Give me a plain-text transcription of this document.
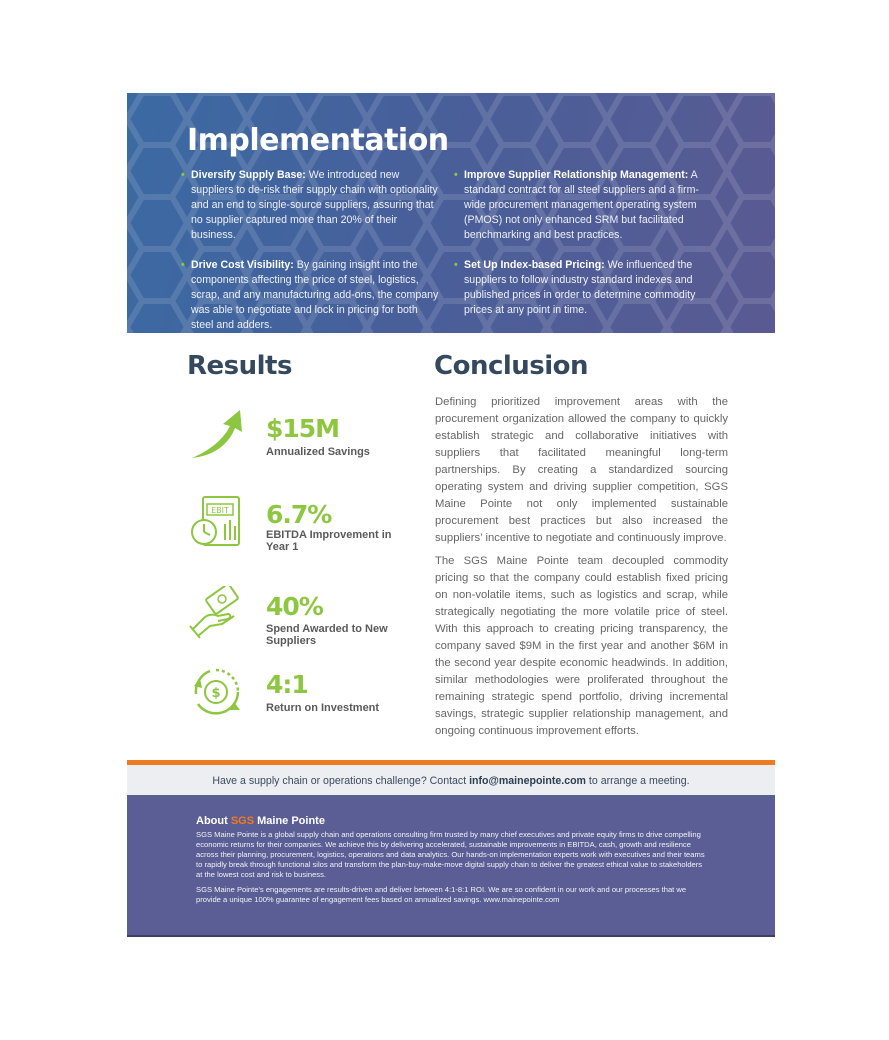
Implementation
• Diversify Supply Base: We introduced new suppliers to de-risk their supply chain with optionality and an end to single-source suppliers, assuring that no supplier captured more than 20% of their business.
• Drive Cost Visibility: By gaining insight into the components affecting the price of steel, logistics, scrap, and any manufacturing add-ons, the company was able to negotiate and lock in pricing for both steel and adders.
• Improve Supplier Relationship Management: A standard contract for all steel suppliers and a firm-wide procurement management operating system (PMOS) not only enhanced SRM but facilitated benchmarking and best practices.
• Set Up Index-based Pricing: We influenced the suppliers to follow industry standard indexes and published prices in order to determine commodity prices at any point in time.
Results
$15M
Annualized Savings
EBIT 6.7%
EBITDA Improvement in Year 1
40%
Spend Awarded to New Suppliers
$ 4:1
Return on Investment
Conclusion

Defining prioritized improvement areas with the procurement organization allowed the company to quickly establish strategic and collaborative initiatives with suppliers that facilitated meaningful long-term partnerships. By creating a standardized sourcing operating system and driving supplier competition, SGS Maine Pointe not only implemented sustainable procurement best practices but also increased the suppliers’ incentive to negotiate and continuously improve.

The SGS Maine Pointe team decoupled commodity pricing so that the company could establish fixed pricing on non-volatile items, such as logistics and scrap, while strategically negotiating the more volatile price of steel. With this approach to creating pricing transparency, the company saved $9M in the first year and another $6M in the second year despite economic headwinds. In addition, similar methodologies were proliferated throughout the remaining strategic spend portfolio, driving incremental savings, strategic supplier relationship management, and ongoing continuous improvement efforts.

Have a supply chain or operations challenge? Contact info@mainepointe.com to arrange a meeting.
About SGS Maine Pointe

SGS Maine Pointe is a global supply chain and operations consulting firm trusted by many chief executives and private equity firms to drive compelling economic returns for their companies. We achieve this by delivering accelerated, sustainable improvements in EBITDA, cash, growth and resilience across their planning, procurement, logistics, operations and data analytics. Our hands-on implementation experts work with executives and their teams to rapidly break through functional silos and transform the plan-buy-make-move digital supply chain to deliver the greatest ethical value to stakeholders at the lowest cost and risk to business.

SGS Maine Pointe's engagements are results-driven and deliver between 4:1-8:1 ROI. We are so confident in our work and our processes that we provide a unique 100% guarantee of engagement fees based on annualized savings. www.mainepointe.com
